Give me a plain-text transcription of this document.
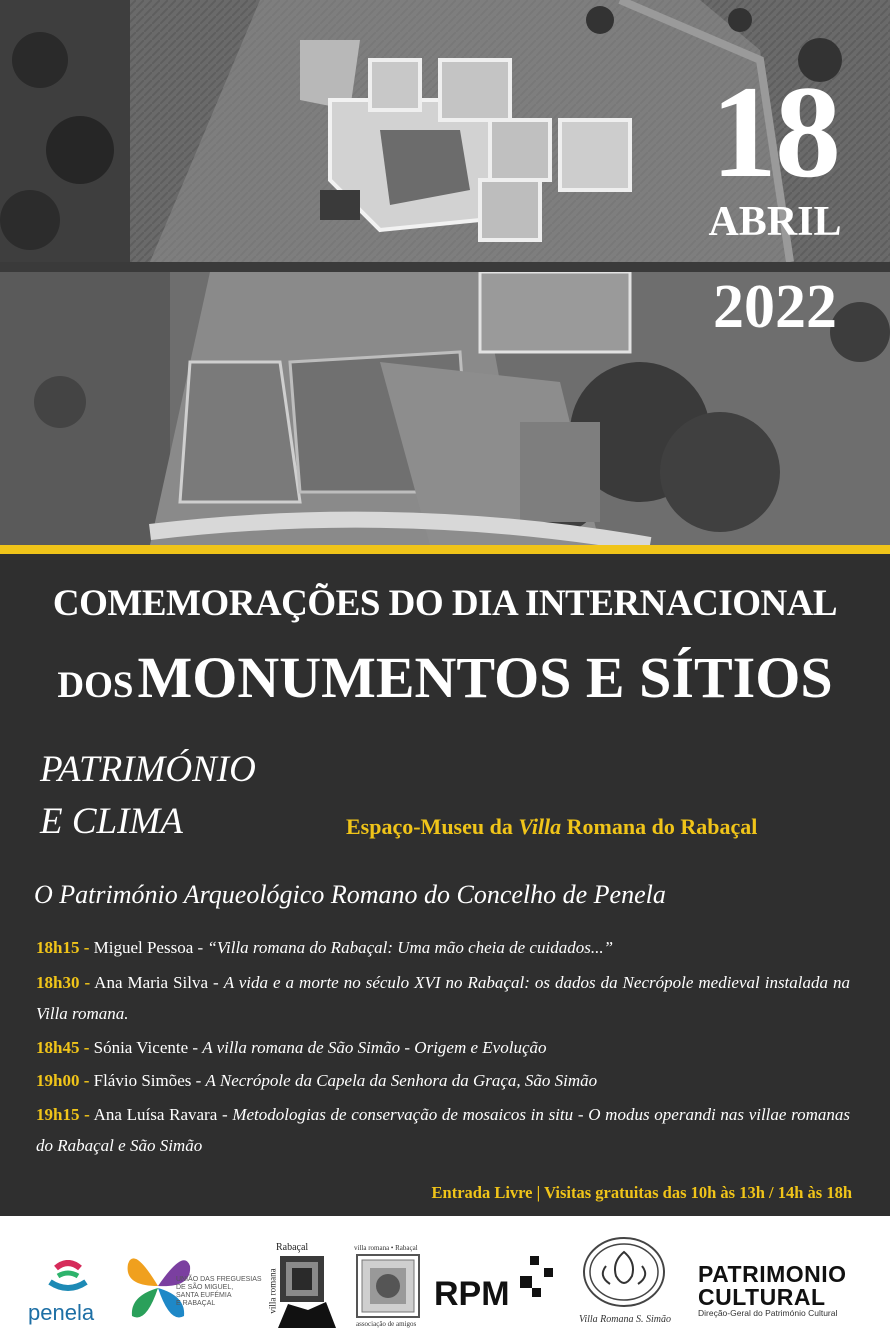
18
ABRIL
2022
COMEMORAÇÕES DO DIA INTERNACIONAL
DOS MONUMENTOS E SÍTIOS
PATRIMÓNIO
E CLIMA	Espaço-Museu da Villa Romana do Rabaçal
O Património Arqueológico Romano do Concelho de Penela
18h15 - Miguel Pessoa - “Villa romana do Rabaçal: Uma mão cheia de cuidados...”
18h30 - Ana Maria Silva - A vida e a morte no século XVI no Rabaçal: os dados da Necrópole medieval instalada na Villa romana.
18h45 - Sónia Vicente - A villa romana de São Simão - Origem e Evolução
19h00 - Flávio Simões - A Necrópole da Capela da Senhora da Graça, São Simão
19h15 - Ana Luísa Ravara - Metodologias de conservação de mosaicos in situ - O modus operandi nas villae romanas do Rabaçal e São Simão
Entrada Livre | Visitas gratuitas das 10h às 13h / 14h às 18h
penela
UNIÃO DAS FREGUESIAS
DE SÃO MIGUEL,
SANTA EUFÉMIA
E RABAÇAL
Rabaçal
villa romana
villa romana • Rabaçal
associação de amigos
RPM
Villa Romana S. Simão
PATRIMONIO
CULTURAL
Direção-Geral do Património Cultural
